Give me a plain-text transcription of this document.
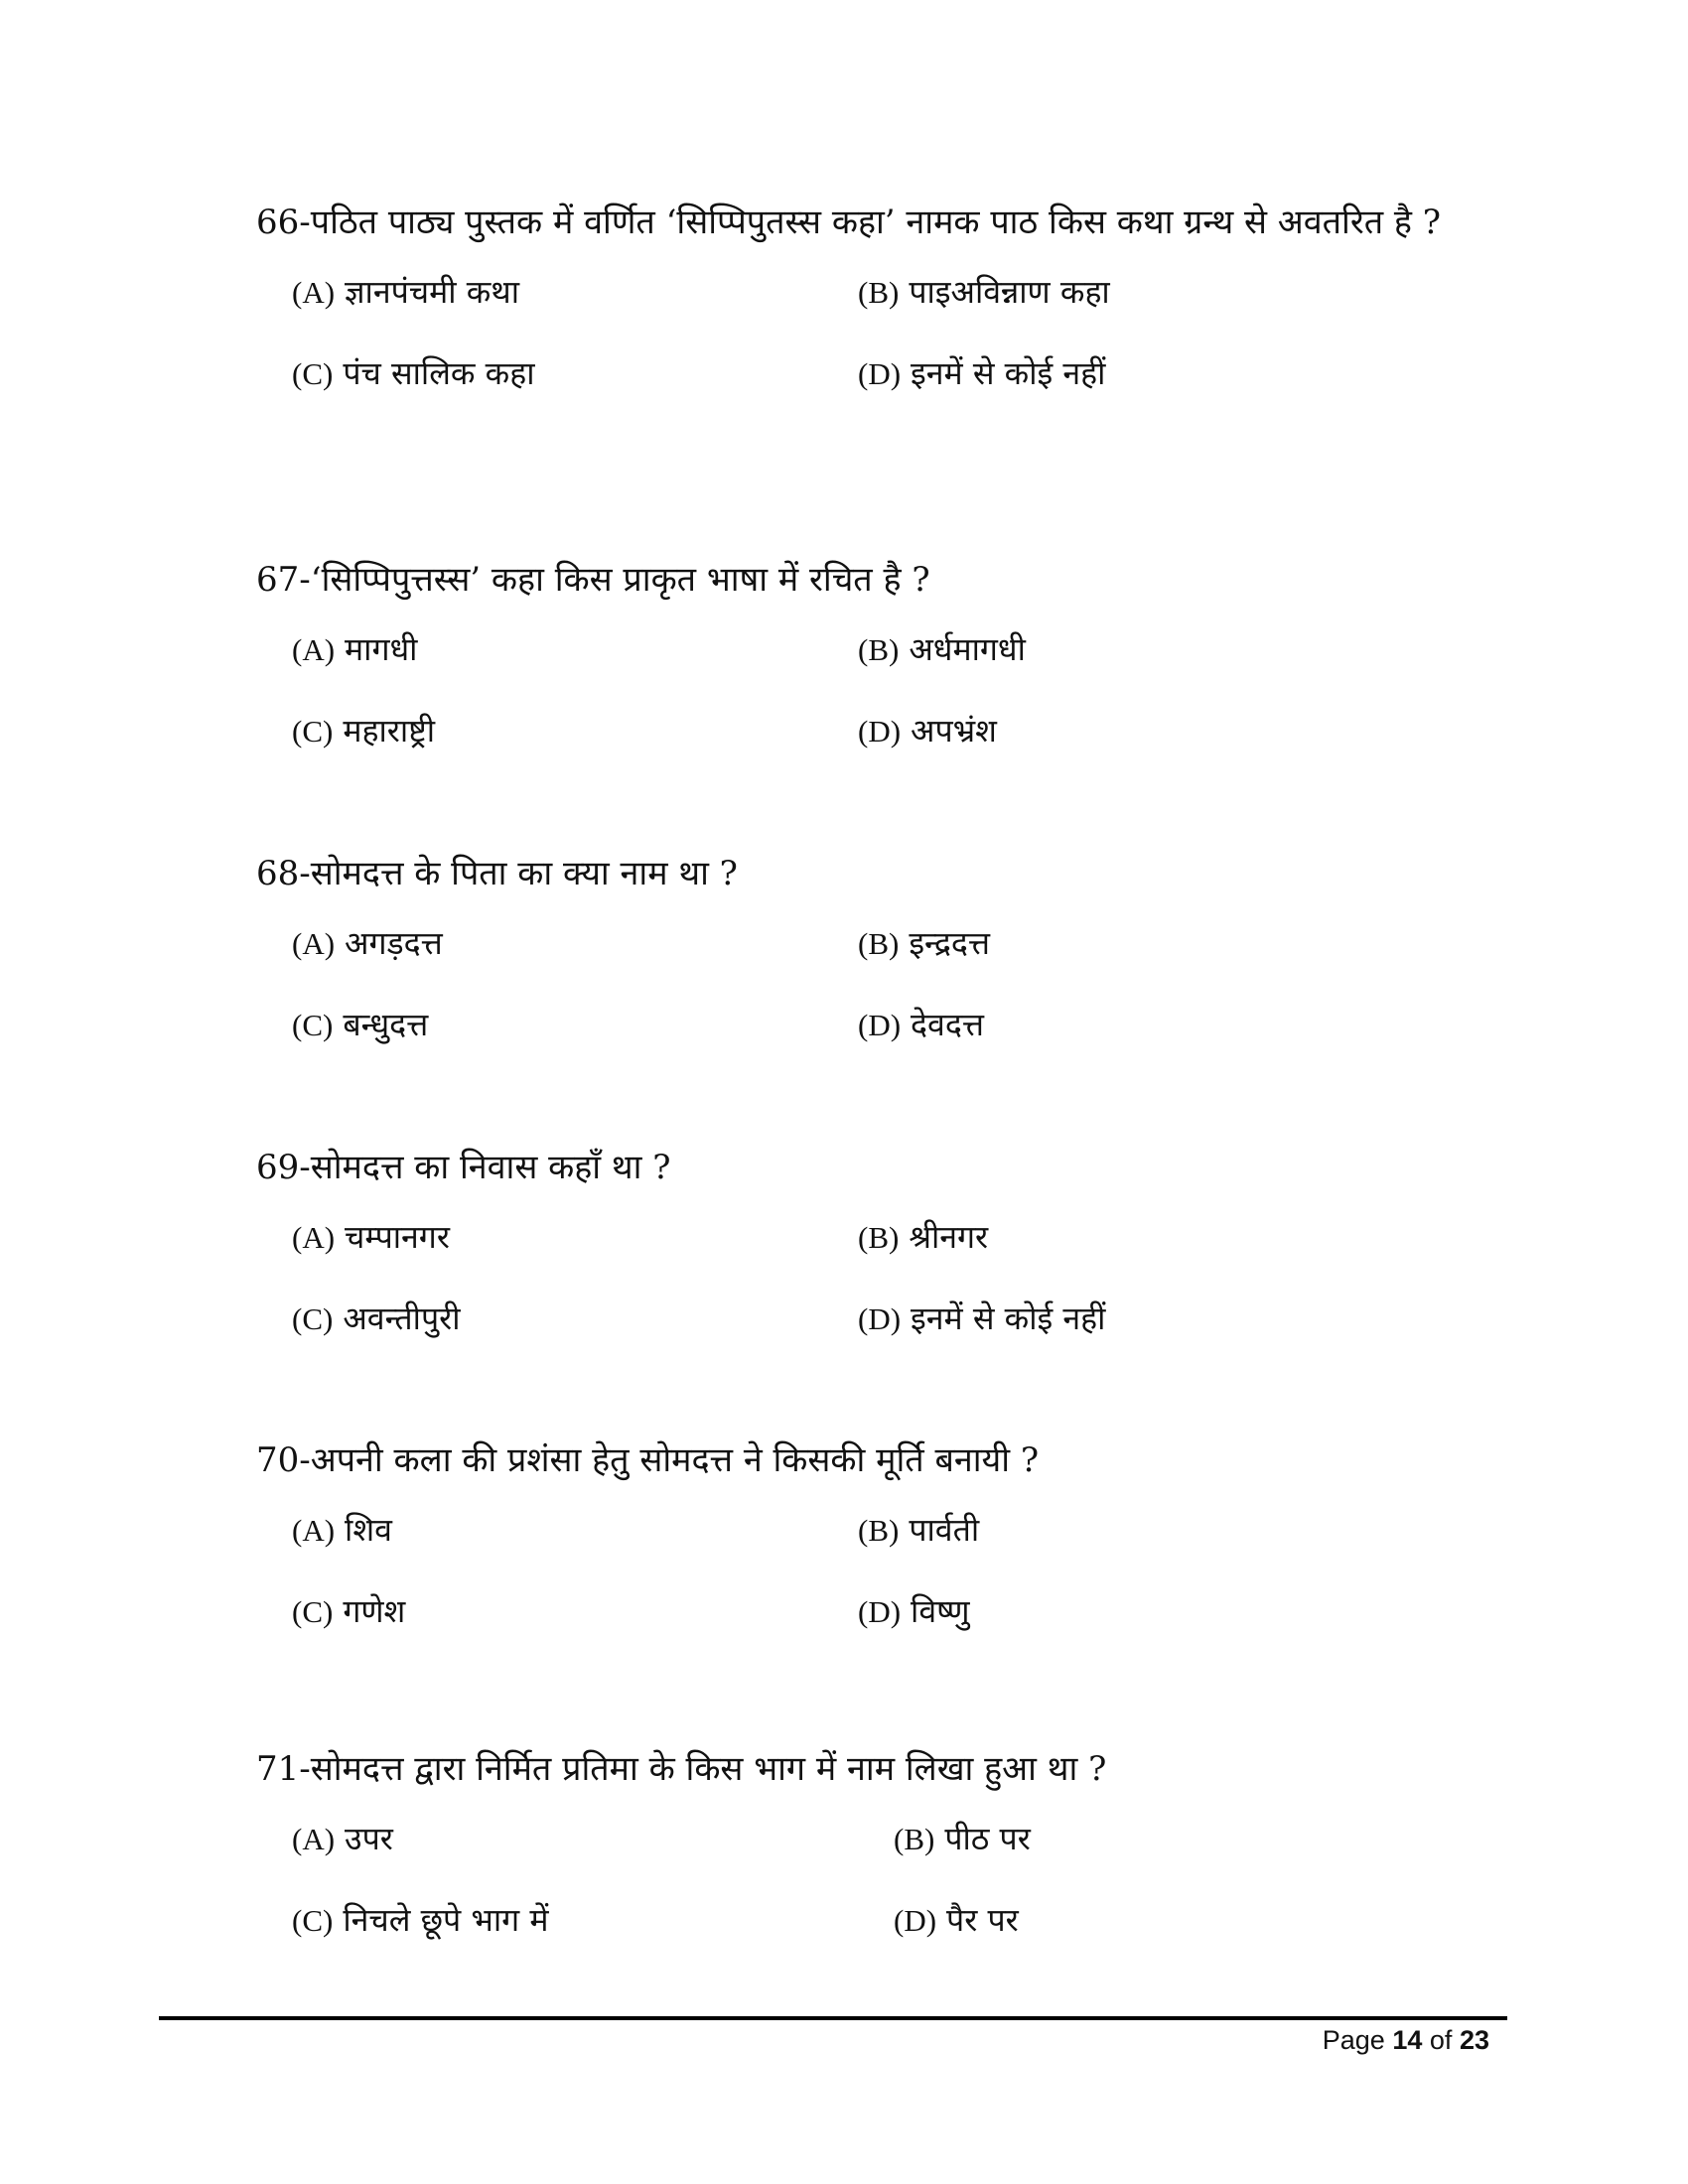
66- पठित पाठ्य पुस्तक में वर्णित ‘सिप्पिपुतस्स कहा’ नामक पाठ किस कथा ग्रन्थ से अवतरित है ?
(A) ज्ञानपंचमी कथा	(B) पाइअविन्नाण कहा
(C) पंच सालिक कहा	(D) इनमें से कोई नहीं
67- ‘सिप्पिपुत्तस्स’ कहा किस प्राकृत भाषा में रचित है ?
(A) मागधी	(B) अर्धमागधी
(C) महाराष्ट्री	(D) अपभ्रंश
68- सोमदत्त के पिता का क्या नाम था ?
(A) अगड़दत्त	(B) इन्द्रदत्त
(C) बन्धुदत्त	(D) देवदत्त
69- सोमदत्त का निवास कहाँ था ?
(A) चम्पानगर	(B) श्रीनगर
(C) अवन्तीपुरी	(D) इनमें से कोई नहीं
70- अपनी कला की प्रशंसा हेतु सोमदत्त ने किसकी मूर्ति बनायी ?
(A) शिव	(B) पार्वती
(C) गणेश	(D) विष्णु
71- सोमदत्त द्वारा निर्मित प्रतिमा के किस भाग में नाम लिखा हुआ था ?
(A) उपर	(B) पीठ पर
(C) निचले छूपे भाग में	(D) पैर पर
Page 14 of 23
